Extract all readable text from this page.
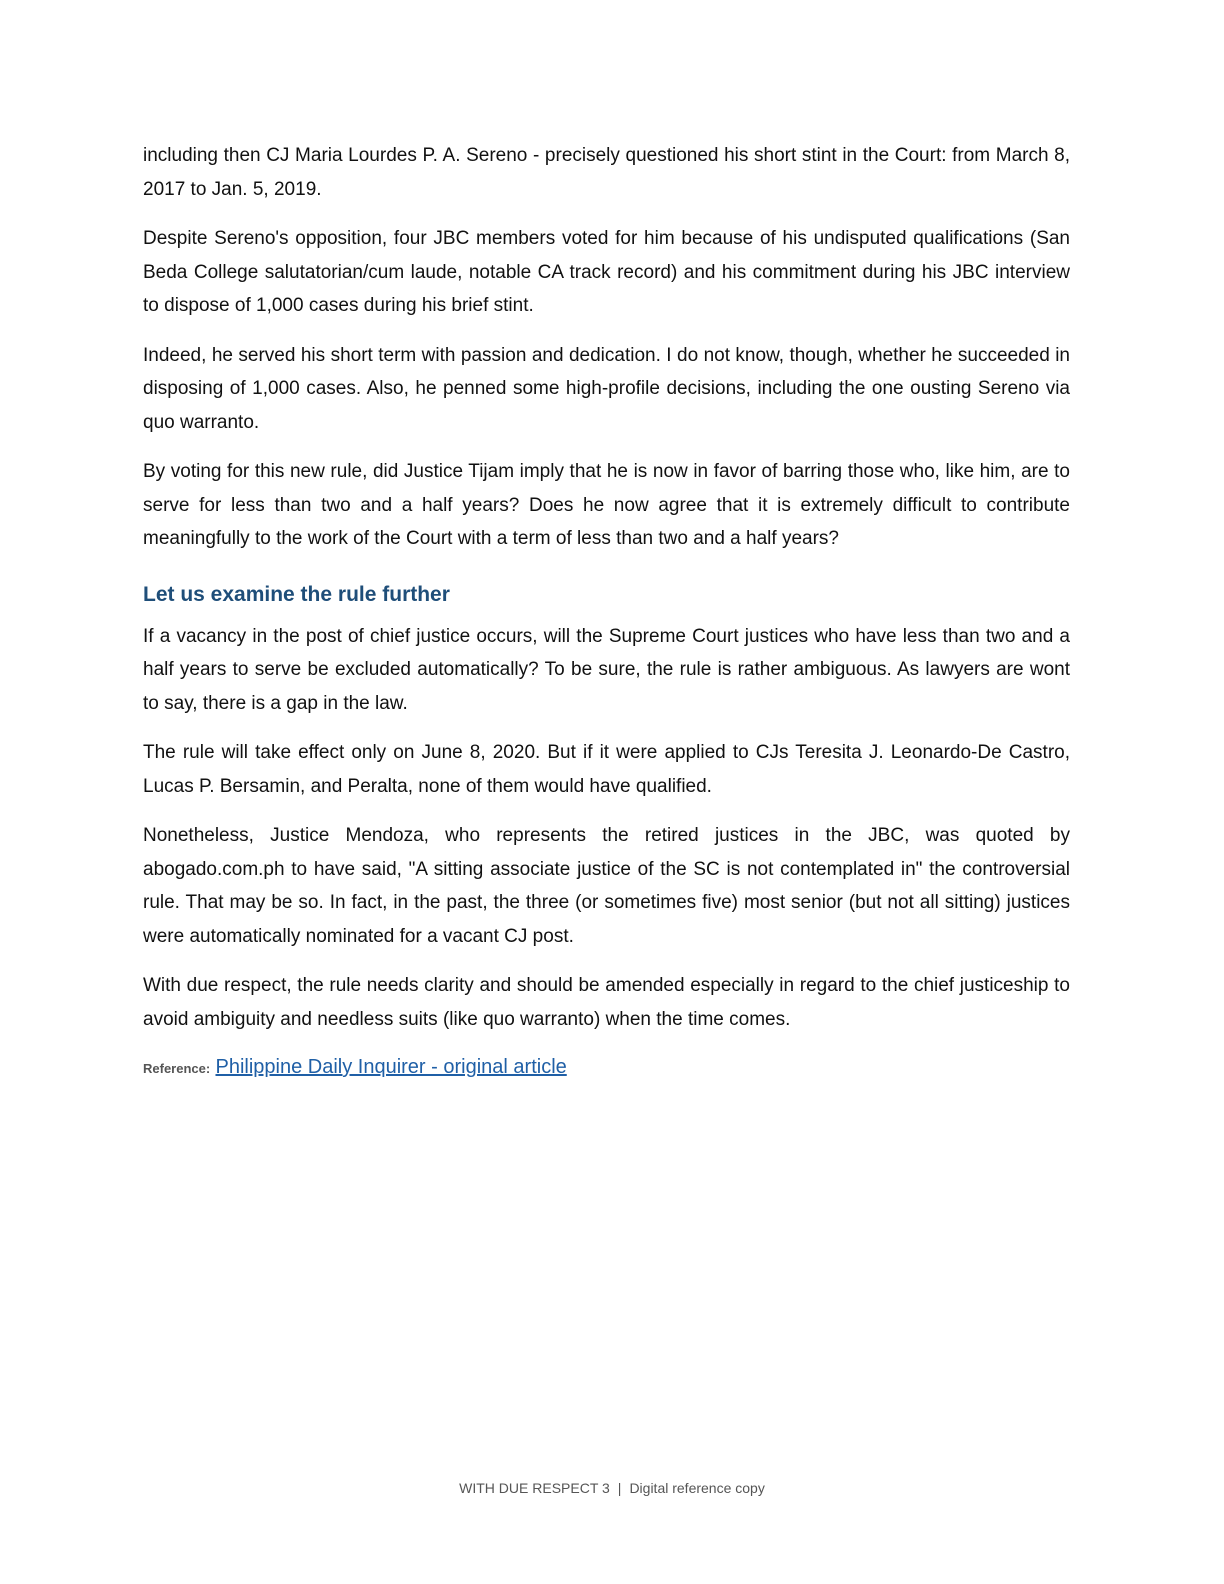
including then CJ Maria Lourdes P. A. Sereno - precisely questioned his short stint in the Court: from March 8, 2017 to Jan. 5, 2019.

Despite Sereno's opposition, four JBC members voted for him because of his undisputed qualifications (San Beda College salutatorian/cum laude, notable CA track record) and his commitment during his JBC interview to dispose of 1,000 cases during his brief stint.

Indeed, he served his short term with passion and dedication. I do not know, though, whether he succeeded in disposing of 1,000 cases. Also, he penned some high-profile decisions, including the one ousting Sereno via quo warranto.

By voting for this new rule, did Justice Tijam imply that he is now in favor of barring those who, like him, are to serve for less than two and a half years? Does he now agree that it is extremely difficult to contribute meaningfully to the work of the Court with a term of less than two and a half years?

Let us examine the rule further

If a vacancy in the post of chief justice occurs, will the Supreme Court justices who have less than two and a half years to serve be excluded automatically? To be sure, the rule is rather ambiguous. As lawyers are wont to say, there is a gap in the law.

The rule will take effect only on June 8, 2020. But if it were applied to CJs Teresita J. Leonardo-De Castro, Lucas P. Bersamin, and Peralta, none of them would have qualified.

Nonetheless, Justice Mendoza, who represents the retired justices in the JBC, was quoted by abogado.com.ph to have said, "A sitting associate justice of the SC is not contemplated in" the controversial rule. That may be so. In fact, in the past, the three (or sometimes five) most senior (but not all sitting) justices were automatically nominated for a vacant CJ post.

With due respect, the rule needs clarity and should be amended especially in regard to the chief justiceship to avoid ambiguity and needless suits (like quo warranto) when the time comes.

Reference: Philippine Daily Inquirer - original article
WITH DUE RESPECT 3 | Digital reference copy
